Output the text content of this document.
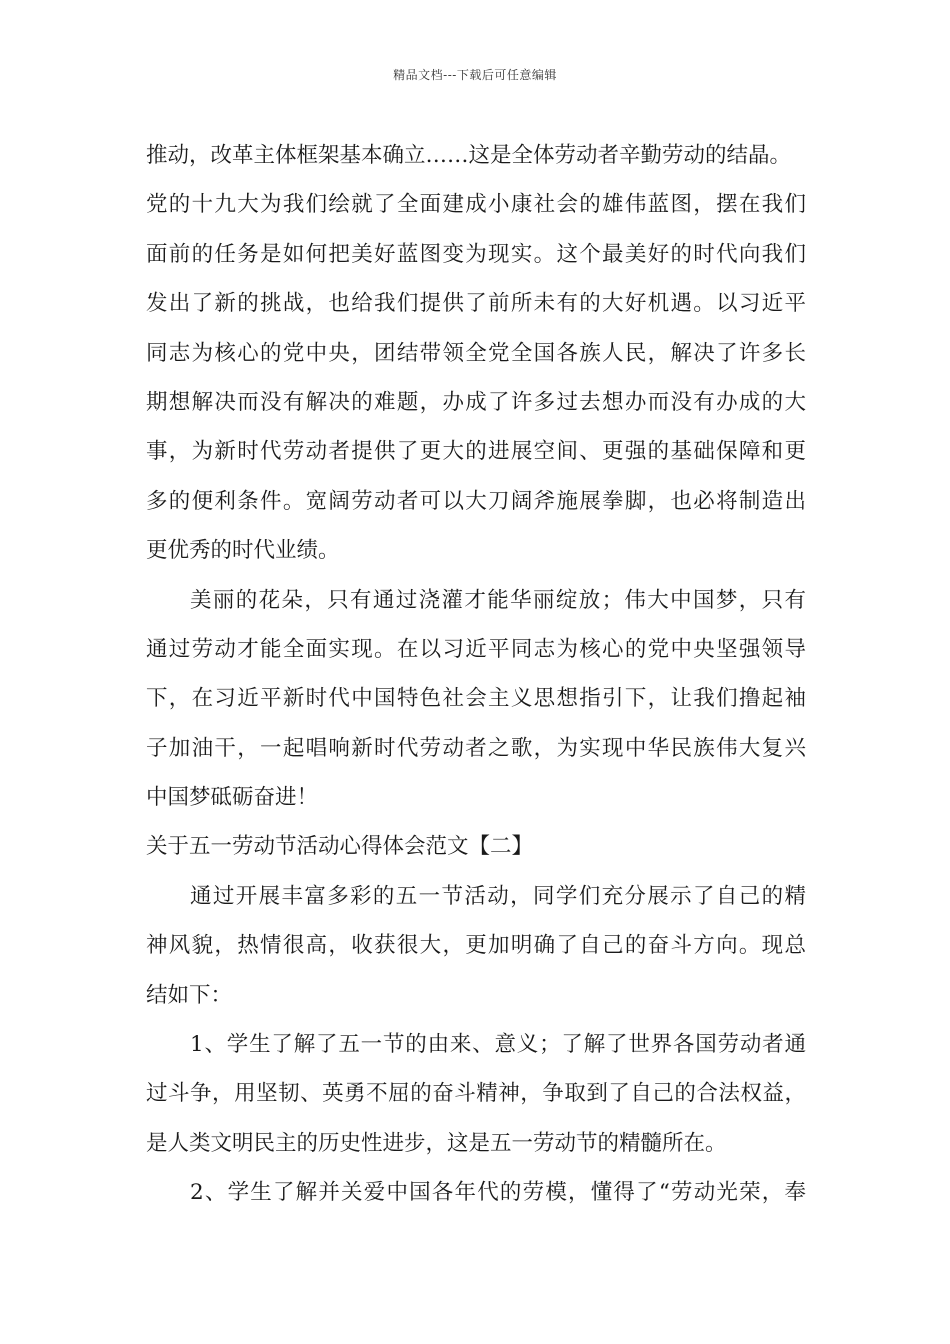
精品文档---下载后可任意编辑
推动，改革主体框架基本确立……这是全体劳动者辛勤劳动的结晶。
党的十九大为我们绘就了全面建成小康社会的雄伟蓝图，摆在我们
面前的任务是如何把美好蓝图变为现实。这个最美好的时代向我们
发出了新的挑战，也给我们提供了前所未有的大好机遇。以习近平
同志为核心的党中央，团结带领全党全国各族人民，解决了许多长
期想解决而没有解决的难题，办成了许多过去想办而没有办成的大
事，为新时代劳动者提供了更大的进展空间、更强的基础保障和更
多的便利条件。宽阔劳动者可以大刀阔斧施展拳脚，也必将制造出
更优秀的时代业绩。
美丽的花朵，只有通过浇灌才能华丽绽放；伟大中国梦，只有
通过劳动才能全面实现。在以习近平同志为核心的党中央坚强领导
下，在习近平新时代中国特色社会主义思想指引下，让我们撸起袖
子加油干，一起唱响新时代劳动者之歌，为实现中华民族伟大复兴
中国梦砥砺奋进！
关于五一劳动节活动心得体会范文【二】
通过开展丰富多彩的五一节活动，同学们充分展示了自己的精
神风貌，热情很高，收获很大，更加明确了自己的奋斗方向。现总
结如下：
1、学生了解了五一节的由来、意义；了解了世界各国劳动者通
过斗争，用坚韧、英勇不屈的奋斗精神，争取到了自己的合法权益，
是人类文明民主的历史性进步，这是五一劳动节的精髓所在。
2、学生了解并关爱中国各年代的劳模，懂得了“劳动光荣，奉
